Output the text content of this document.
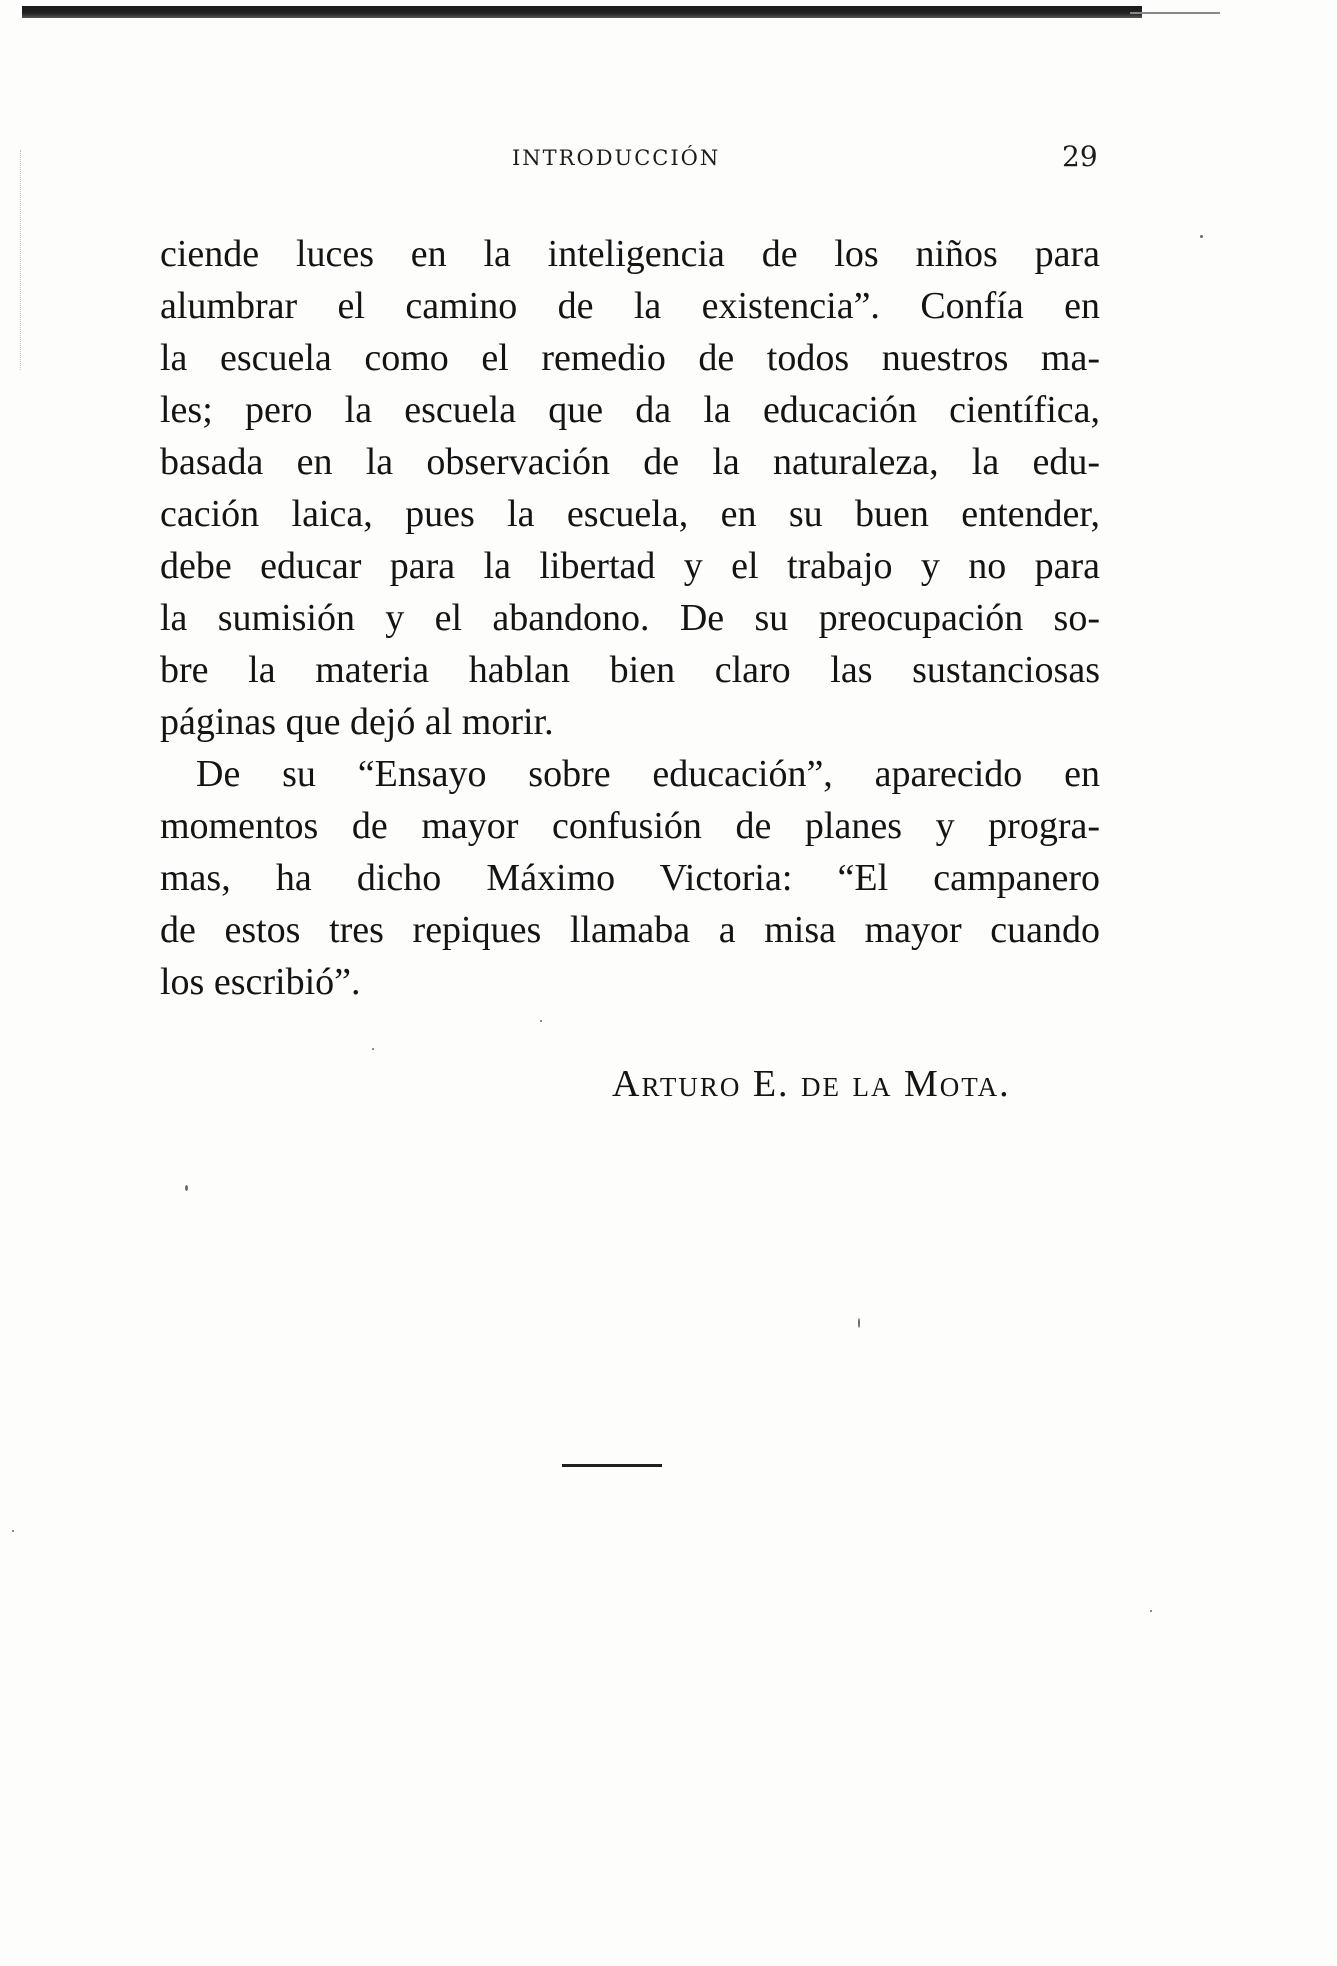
INTRODUCCIÓN	29
ciende luces en la inteligencia de los niños para
alumbrar el camino de la existencia”. Confía en
la escuela como el remedio de todos nuestros ma-
les; pero la escuela que da la educación científica,
basada en la observación de la naturaleza, la edu-
cación laica, pues la escuela, en su buen entender,
debe educar para la libertad y el trabajo y no para
la sumisión y el abandono. De su preocupación so-
bre la materia hablan bien claro las sustanciosas
páginas que dejó al morir.
De su “Ensayo sobre educación”, aparecido en
momentos de mayor confusión de planes y progra-
mas, ha dicho Máximo Victoria: “El campanero
de estos tres repiques llamaba a misa mayor cuando
los escribió”.
Arturo E. de la Mota.
